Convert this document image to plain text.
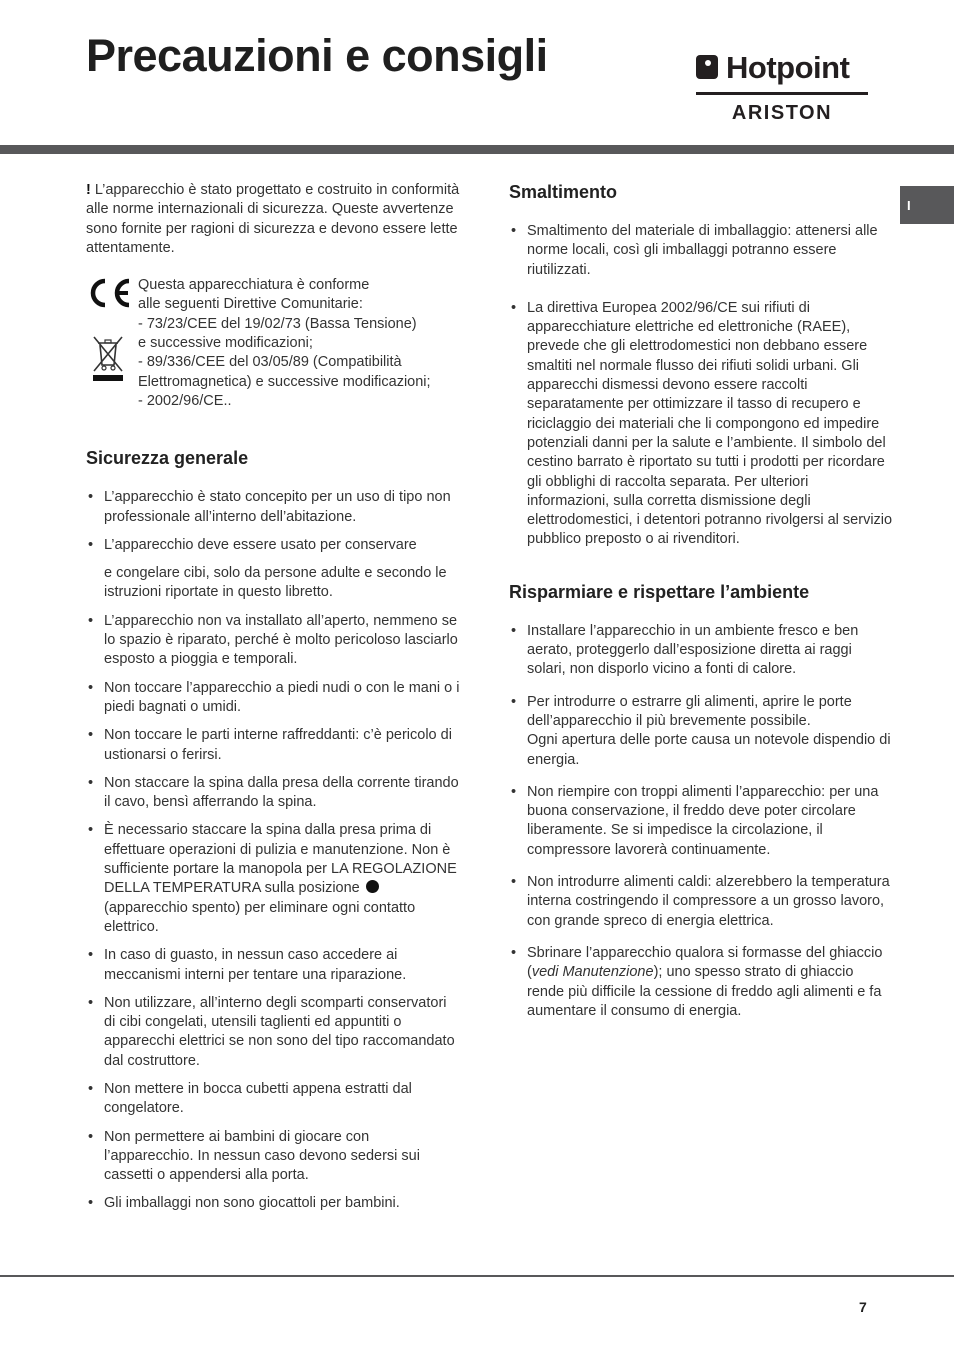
Precauzioni e consigli	Hotpoint
ARISTON
I

! L’apparecchio è stato progettato e costruito in conformità alle norme internazionali di sicurezza. Queste avvertenze sono fornite per ragioni di sicurezza e devono essere lette attentamente.

Questa apparecchiatura è conforme
alle seguenti Direttive Comunitarie:
- 73/23/CEE del 19/02/73 (Bassa Tensione)
e successive modificazioni;
- 89/336/CEE del 03/05/89 (Compatibilità
Elettromagnetica) e successive modificazioni;
- 2002/96/CE..
Sicurezza generale
• L’apparecchio è stato concepito per un uso di tipo non professionale all’interno dell’abitazione.
• L’apparecchio deve essere usato per conservare
e congelare cibi, solo da persone adulte e secondo le istruzioni riportate in questo libretto.
• L’apparecchio non va installato all’aperto, nemmeno se lo spazio è riparato, perché è molto pericoloso lasciarlo esposto a pioggia e temporali.
• Non toccare l’apparecchio a piedi nudi o con le mani o i piedi bagnati o umidi.
• Non toccare le parti interne raffreddanti: c’è pericolo di ustionarsi o ferirsi.
• Non staccare la spina dalla presa della corrente tirando il cavo, bensì afferrando la spina.
• È necessario staccare la spina dalla presa prima di effettuare operazioni di pulizia e manutenzione. Non è sufficiente portare la manopola per LA REGOLAZIONE DELLA TEMPERATURA sulla posizione  (apparecchio spento) per eliminare ogni contatto elettrico.
• In caso di guasto, in nessun caso accedere ai meccanismi interni per tentare una riparazione.
• Non utilizzare, all’interno degli scomparti conservatori di cibi congelati, utensili taglienti ed appuntiti o apparecchi elettrici se non sono del tipo raccomandato dal costruttore.
• Non mettere in bocca cubetti appena estratti dal congelatore.
• Non permettere ai bambini di giocare con l’apparecchio. In nessun caso devono sedersi sui cassetti o appendersi alla porta.
• Gli imballaggi non sono giocattoli per bambini.
Smaltimento
• Smaltimento del materiale di imballaggio: attenersi alle norme locali, così gli imballaggi potranno essere riutilizzati.
• La direttiva Europea 2002/96/CE sui rifiuti di apparecchiature elettriche ed elettroniche (RAEE), prevede che gli elettrodomestici non debbano essere smaltiti nel normale flusso dei rifiuti solidi urbani. Gli apparecchi dismessi devono essere raccolti separatamente per ottimizzare il tasso di recupero e riciclaggio dei materiali che li compongono ed impedire potenziali danni per la salute e l’ambiente. Il simbolo del cestino barrato è riportato su tutti i prodotti per ricordare gli obblighi di raccolta separata. Per ulteriori informazioni, sulla corretta dismissione degli elettrodomestici, i detentori potranno rivolgersi al servizio pubblico preposto o ai rivenditori.
Risparmiare e rispettare l’ambiente
• Installare l’apparecchio in un ambiente fresco e ben aerato, proteggerlo dall’esposizione diretta ai raggi solari, non disporlo vicino a fonti di calore.
• Per introdurre o estrarre gli alimenti, aprire le porte dell’apparecchio il più brevemente possibile.
Ogni apertura delle porte causa un notevole dispendio di energia.
• Non riempire con troppi alimenti l’apparecchio: per una buona conservazione, il freddo deve poter circolare liberamente. Se si impedisce la circolazione, il compressore lavorerà continuamente.
• Non introdurre alimenti caldi: alzerebbero la temperatura interna costringendo il compressore a un grosso lavoro, con grande spreco di energia elettrica.
• Sbrinare l’apparecchio qualora si formasse del ghiaccio (vedi Manutenzione); uno spesso strato di ghiaccio rende più difficile la cessione di freddo agli alimenti e fa aumentare il consumo di energia.
7
